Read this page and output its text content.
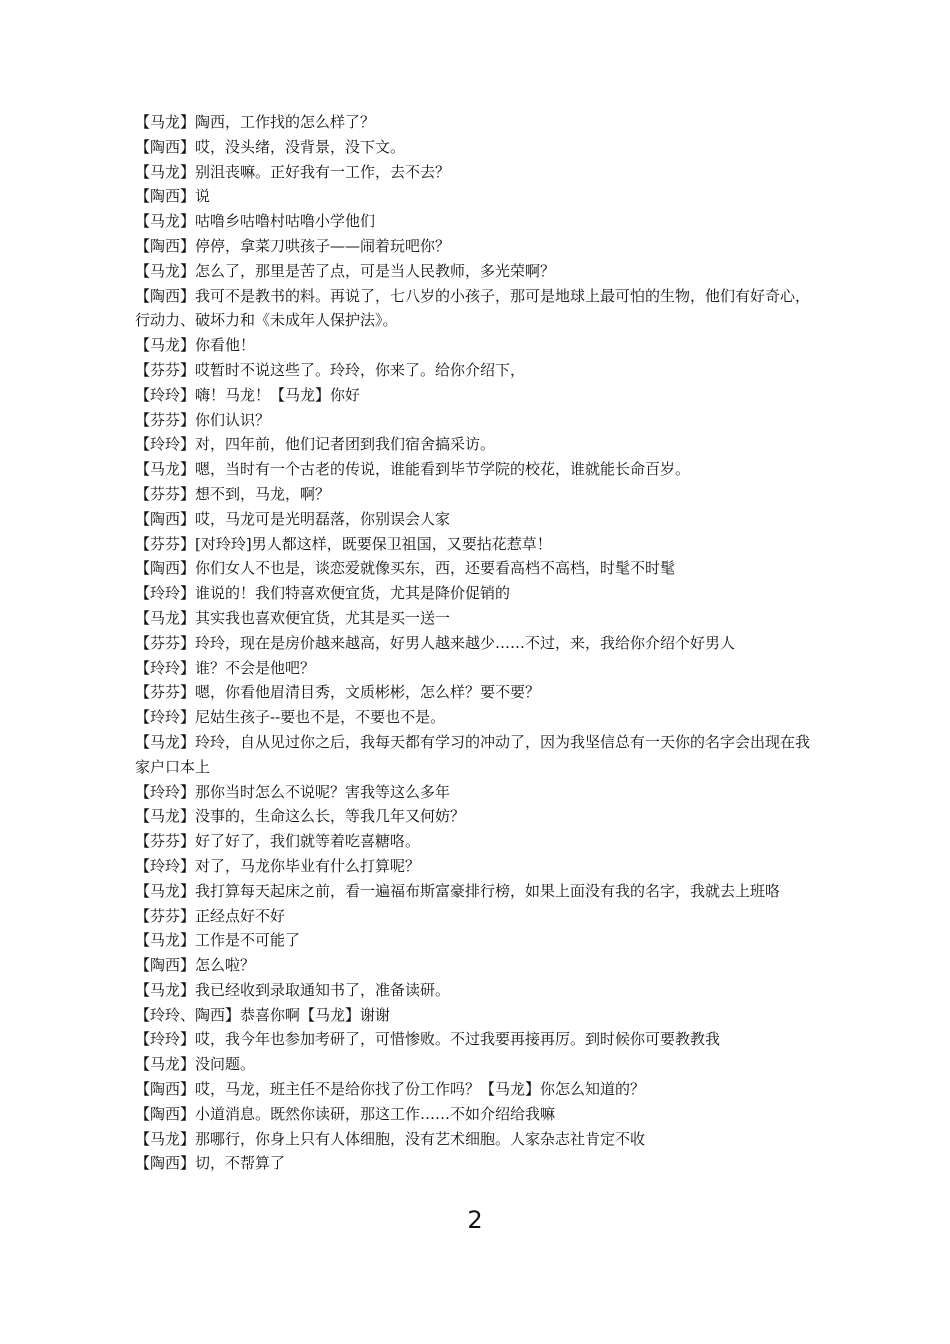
【马龙】陶西，工作找的怎么样了？

【陶西】哎，没头绪，没背景，没下文。

【马龙】别沮丧嘛。正好我有一工作，去不去？

【陶西】说

【马龙】咕噜乡咕噜村咕噜小学他们

【陶西】停停，拿菜刀哄孩子——闹着玩吧你？

【马龙】怎么了，那里是苦了点，可是当人民教师，多光荣啊？

【陶西】我可不是教书的料。再说了，七八岁的小孩子，那可是地球上最可怕的生物，他们有好奇心，行动力、破坏力和《未成年人保护法》。

【马龙】你看他！

【芬芬】哎暂时不说这些了。玲玲，你来了。给你介绍下，

【玲玲】嗨！马龙！【马龙】你好

【芬芬】你们认识？

【玲玲】对，四年前，他们记者团到我们宿舍搞采访。

【马龙】嗯，当时有一个古老的传说，谁能看到毕节学院的校花，谁就能长命百岁。

【芬芬】想不到，马龙，啊？

【陶西】哎，马龙可是光明磊落，你别误会人家

【芬芬】[对玲玲]男人都这样，既要保卫祖国，又要拈花惹草！

【陶西】你们女人不也是，谈恋爱就像买东，西，还要看高档不高档，时髦不时髦

【玲玲】谁说的！我们特喜欢便宜货，尤其是降价促销的

【马龙】其实我也喜欢便宜货，尤其是买一送一

【芬芬】玲玲，现在是房价越来越高，好男人越来越少……不过，来，我给你介绍个好男人

【玲玲】谁？不会是他吧？

【芬芬】嗯，你看他眉清目秀，文质彬彬，怎么样？要不要？

【玲玲】尼姑生孩子--要也不是，不要也不是。

【马龙】玲玲，自从见过你之后，我每天都有学习的冲动了，因为我坚信总有一天你的名字会出现在我家户口本上

【玲玲】那你当时怎么不说呢？害我等这么多年

【马龙】没事的，生命这么长，等我几年又何妨？

【芬芬】好了好了，我们就等着吃喜糖咯。

【玲玲】对了，马龙你毕业有什么打算呢？

【马龙】我打算每天起床之前，看一遍福布斯富豪排行榜，如果上面没有我的名字，我就去上班咯

【芬芬】正经点好不好

【马龙】工作是不可能了

【陶西】怎么啦？

【马龙】我已经收到录取通知书了，准备读研。

【玲玲、陶西】恭喜你啊【马龙】谢谢

【玲玲】哎，我今年也参加考研了，可惜惨败。不过我要再接再厉。到时候你可要教教我

【马龙】没问题。

【陶西】哎，马龙，班主任不是给你找了份工作吗？【马龙】你怎么知道的？

【陶西】小道消息。既然你读研，那这工作……不如介绍给我嘛

【马龙】那哪行，你身上只有人体细胞，没有艺术细胞。人家杂志社肯定不收

【陶西】切，不帮算了

2
